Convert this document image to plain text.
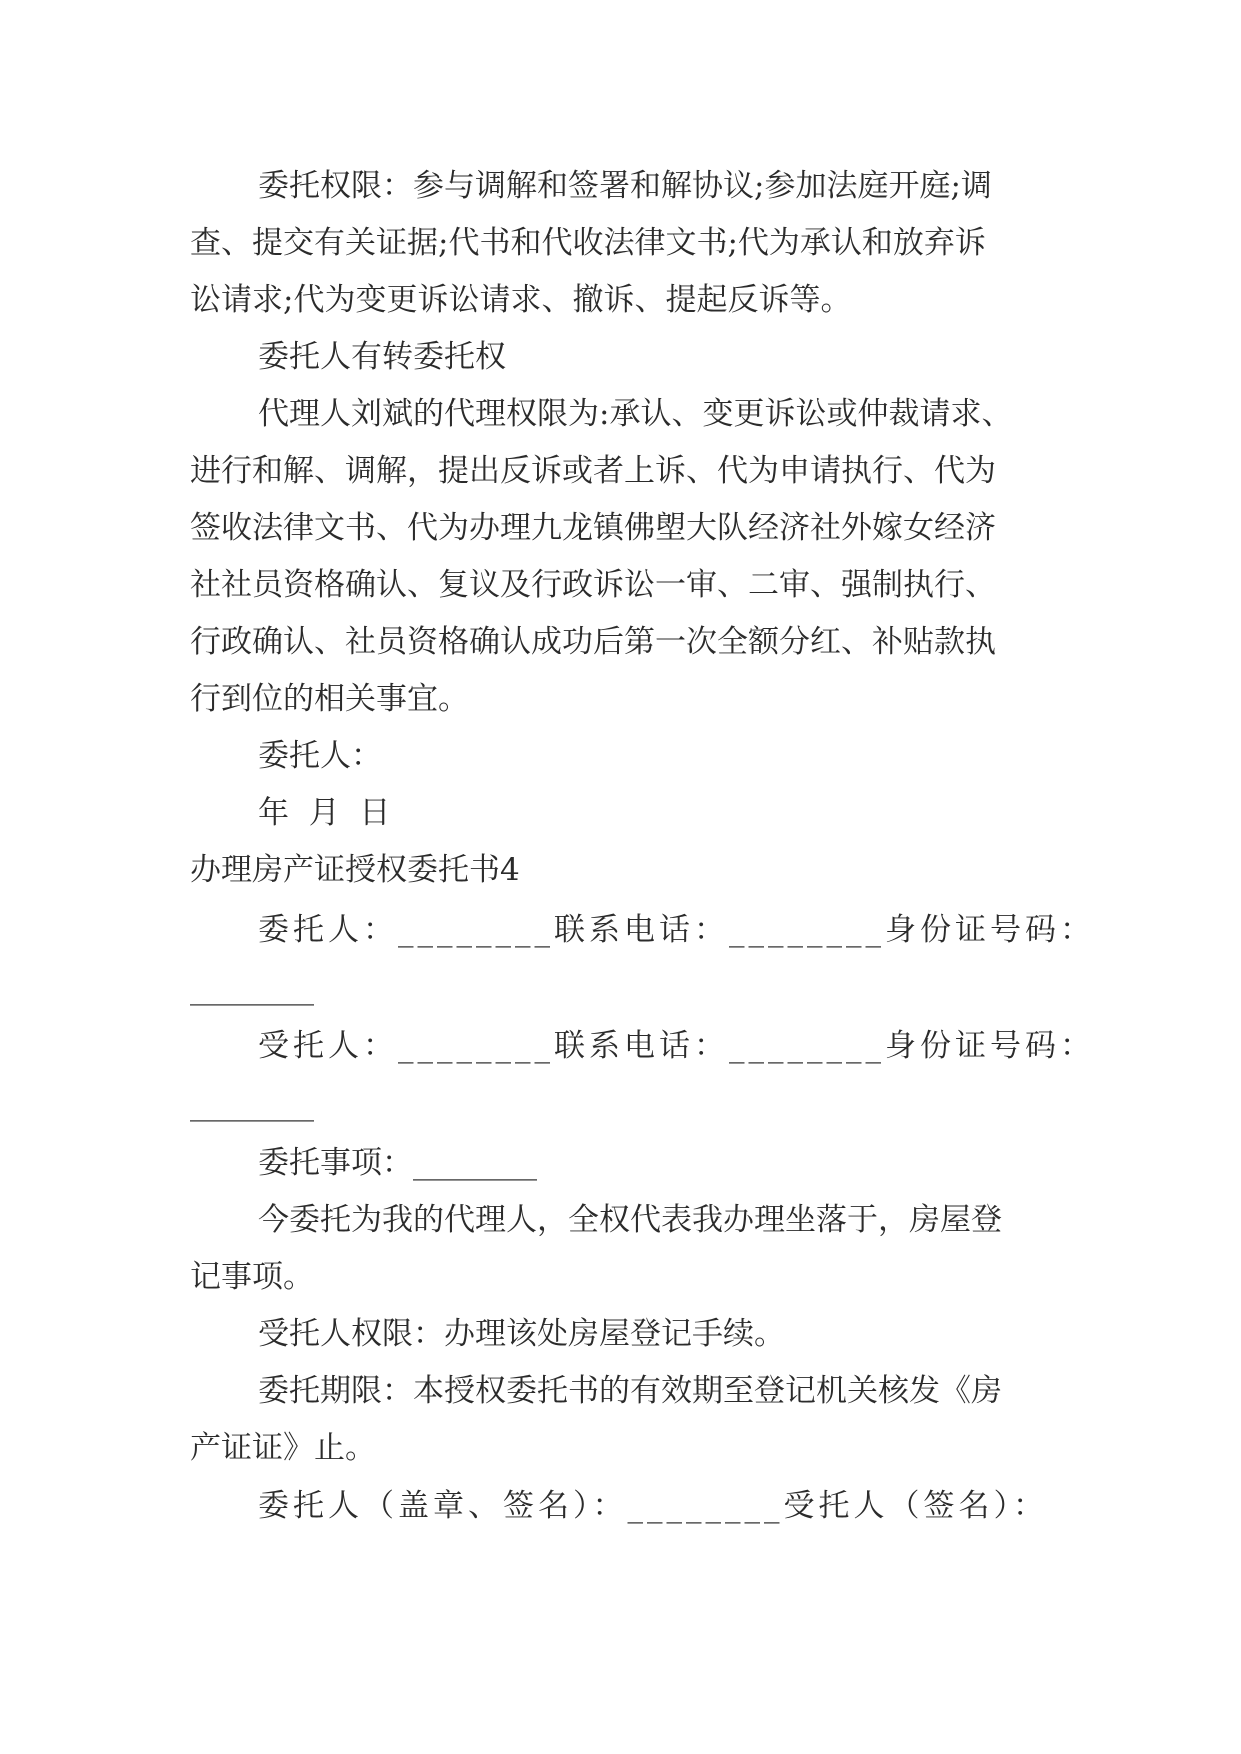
委托权限：参与调解和签署和解协议;参加法庭开庭;调
查、提交有关证据;代书和代收法律文书;代为承认和放弃诉
讼请求;代为变更诉讼请求、撤诉、提起反诉等。
委托人有转委托权
代理人刘斌的代理权限为:承认、变更诉讼或仲裁请求、
进行和解、调解，提出反诉或者上诉、代为申请执行、代为
签收法律文书、代为办理九龙镇佛塱大队经济社外嫁女经济
社社员资格确认、复议及行政诉讼一审、二审、强制执行、
行政确认、社员资格确认成功后第一次全额分红、补贴款执
行到位的相关事宜。
委托人：
年  月  日
办理房产证授权委托书4
委托人：________联系电话：________身份证号码：
________
受托人：________联系电话：________身份证号码：
________
委托事项：________
今委托为我的代理人，全权代表我办理坐落于，房屋登
记事项。
受托人权限：办理该处房屋登记手续。
委托期限：本授权委托书的有效期至登记机关核发《房
产证证》止。
委托人（盖章、签名）：________受托人（签名）：
